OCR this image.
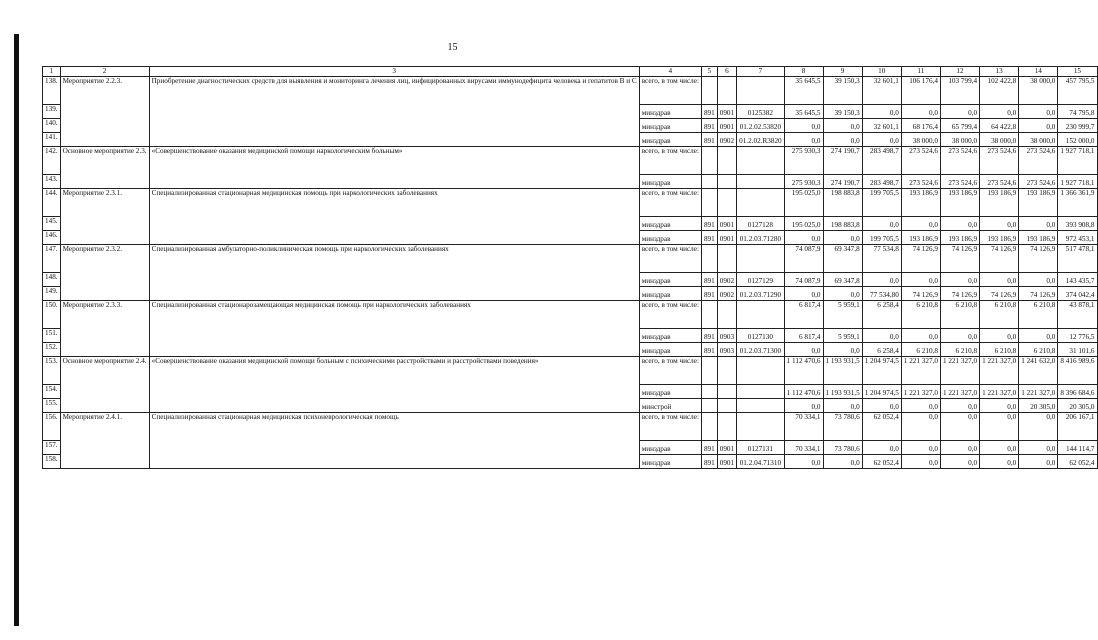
15
1	2	3	4	5	6	7	8	9	10	11	12	13	14	15
138.	Мероприятие 2.2.3.	Приобретение диагностических средств для выявления и мониторинга лечения лиц, инфицированных вирусами иммунодефицита человека и гепатитов В и С	всего, в том числе:				35 645,5	39 150,3	32 601,1	106 176,4	103 799,4	102 422,8	38 000,0	457 795,5
139.			минздрав	891	0901	0125382	35 645,5	39 150,3	0,0	0,0	0,0	0,0	0,0	74 795,8
140.			минздрав	891	0901	01.2.02.53820	0,0	0,0	32 601,1	68 176,4	65 799,4	64 422,8	0,0	230 999,7
141.			минздрав	891	0902	01.2.02.R3820	0,0	0,0	0,0	38 000,0	38 000,0	38 000,0	38 000,0	152 000,0
142.	Основное мероприятие 2.3.	«Совершенствование оказания медицинской помощи наркологическим больным»	всего, в том числе:				275 930,3	274 190,7	283 498,7	273 524,6	273 524,6	273 524,6	273 524,6	1 927 718,1
143.			минздрав				275 930,3	274 190,7	283 498,7	273 524,6	273 524,6	273 524,6	273 524,6	1 927 718,1
144.	Мероприятие 2.3.1.	Специализированная стационарная медицинская помощь при наркологических заболеваниях	всего, в том числе:				195 025,0	198 883,8	199 705,5	193 186,9	193 186,9	193 186,9	193 186,9	1 366 361,9
145.			минздрав	891	0901	0127128	195 025,0	198 883,8	0,0	0,0	0,0	0,0	0,0	393 908,8
146.			минздрав	891	0901	01.2.03.71280	0,0	0,0	199 705,5	193 186,9	193 186,9	193 186,9	193 186,9	972 453,1
147.	Мероприятие 2.3.2.	Специализированная амбулаторно-поликлиническая помощь при наркологических заболеваниях	всего, в том числе:				74 087,9	69 347,8	77 534,8	74 126,9	74 126,9	74 126,9	74 126,9	517 478,1
148.			минздрав	891	0902	0127129	74 087,9	69 347,8	0,0	0,0	0,0	0,0	0,0	143 435,7
149.			минздрав	891	0902	01.2.03.71290	0,0	0,0	77 534,80	74 126,9	74 126,9	74 126,9	74 126,9	374 042,4
150.	Мероприятие 2.3.3.	Специализированная стационарозамещающая медицинская помощь при наркологических заболеваниях	всего, в том числе:				6 817,4	5 959,1	6 258,4	6 210,8	6 210,8	6 210,8	6 210,8	43 878,1
151.			минздрав	891	0903	0127130	6 817,4	5 959,1	0,0	0,0	0,0	0,0	0,0	12 776,5
152.			минздрав	891	0903	01.2.03.71300	0,0	0,0	6 258,4	6 210,8	6 210,8	6 210,8	6 210,8	31 101,6
153.	Основное мероприятие 2.4.	«Совершенствование оказания медицинской помощи больным с психическими расстройствами и расстройствами поведения»	всего, в том числе:				1 112 470,6	1 193 931,5	1 204 974,5	1 221 327,0	1 221 327,0	1 221 327,0	1 241 632,0	8 416 989,6
154.			минздрав				1 112 470,6	1 193 931,5	1 204 974,5	1 221 327,0	1 221 327,0	1 221 327,0	1 221 327,0	8 396 684,6
155.			минстрой				0,0	0,0	0,0	0,0	0,0	0,0	20 305,0	20 305,0
156.	Мероприятие 2.4.1.	Специализированная стационарная медицинская психоневрологическая помощь	всего, в том числе:				70 334,1	73 780,6	62 052,4	0,0	0,0	0,0	0,0	206 167,1
157.			минздрав	891	0901	0127131	70 334,1	73 780,6	0,0	0,0	0,0	0,0	0,0	144 114,7
158.			минздрав	891	0901	01.2.04.71310	0,0	0,0	62 052,4	0,0	0,0	0,0	0,0	62 052,4
